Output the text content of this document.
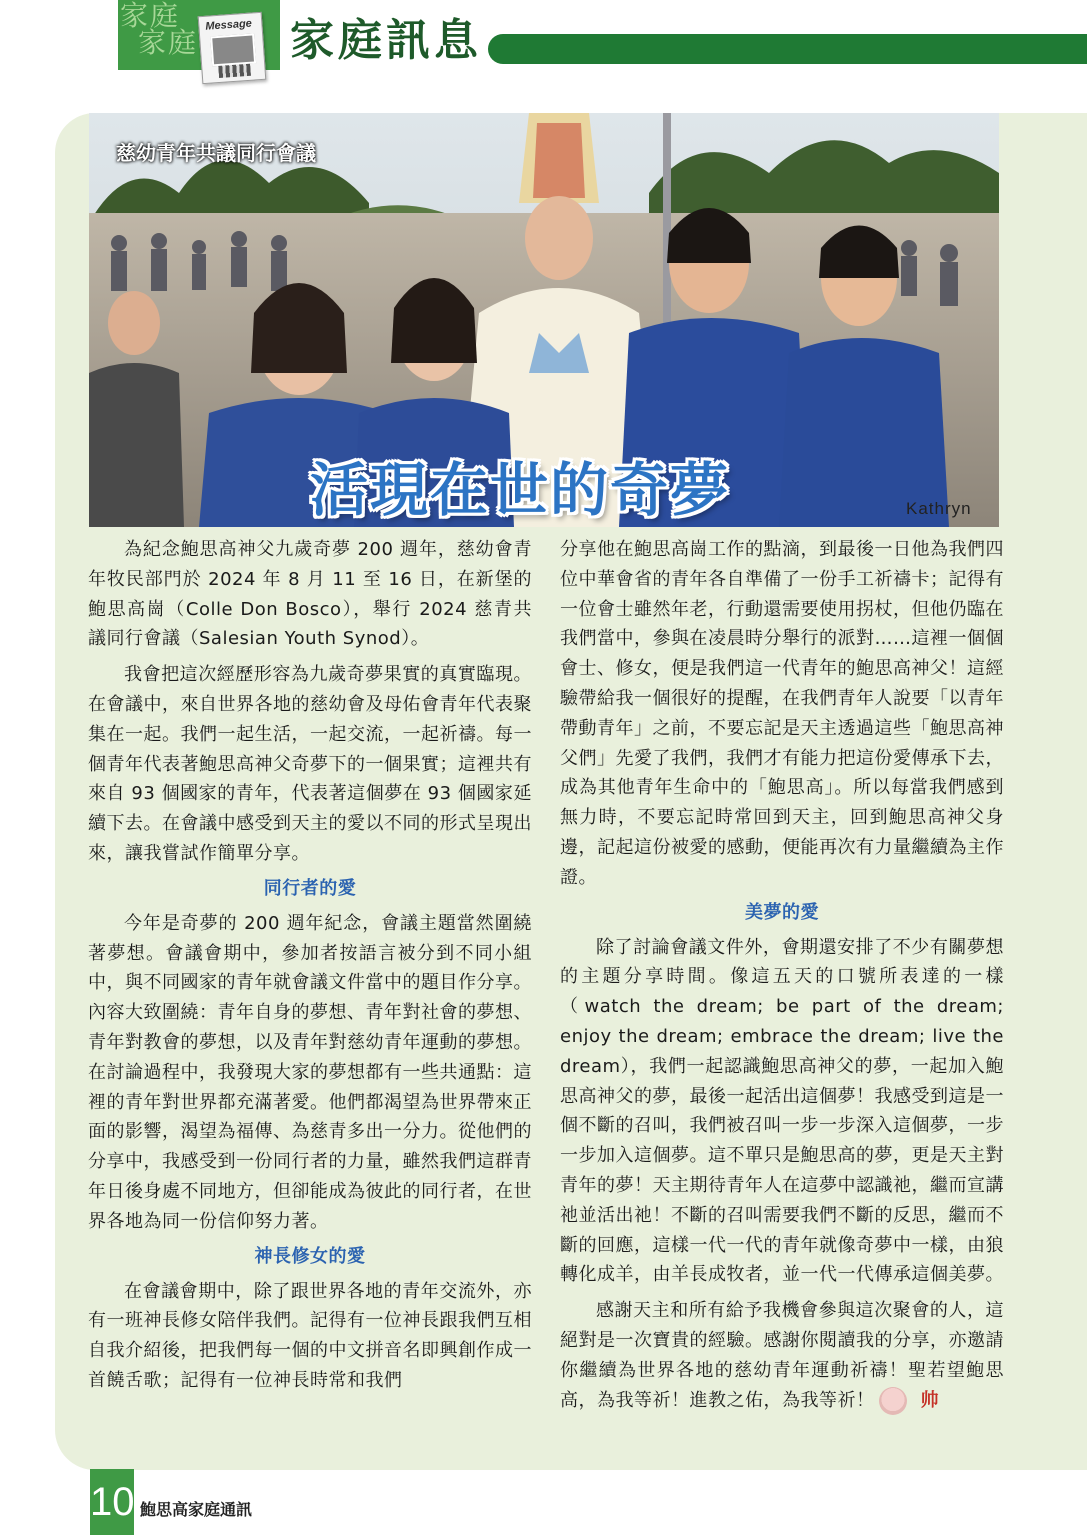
家庭
家庭
Message 家庭訊息
慈幼青年共議同行會議
活現在世的奇夢	Kathryn

為紀念鮑思高神父九歲奇夢 200 週年，慈幼會青年牧民部門於 2024 年 8 月 11 至 16 日，在新堡的鮑思高崗（Colle Don Bosco），舉行 2024 慈青共議同行會議（Salesian Youth Synod）。

我會把這次經歷形容為九歲奇夢果實的真實臨現。在會議中，來自世界各地的慈幼會及母佑會青年代表聚集在一起。我們一起生活，一起交流，一起祈禱。每一個青年代表著鮑思高神父奇夢下的一個果實；這裡共有來自 93 個國家的青年，代表著這個夢在 93 個國家延續下去。在會議中感受到天主的愛以不同的形式呈現出來，讓我嘗試作簡單分享。

同行者的愛

今年是奇夢的 200 週年紀念，會議主題當然圍繞著夢想。會議會期中，參加者按語言被分到不同小組中，與不同國家的青年就會議文件當中的題目作分享。內容大致圍繞：青年自身的夢想、青年對社會的夢想、青年對教會的夢想，以及青年對慈幼青年運動的夢想。在討論過程中，我發現大家的夢想都有一些共通點：這裡的青年對世界都充滿著愛。他們都渴望為世界帶來正面的影響，渴望為福傳、為慈青多出一分力。從他們的分享中，我感受到一份同行者的力量，雖然我們這群青年日後身處不同地方，但卻能成為彼此的同行者，在世界各地為同一份信仰努力著。

神長修女的愛

在會議會期中，除了跟世界各地的青年交流外，亦有一班神長修女陪伴我們。記得有一位神長跟我們互相自我介紹後，把我們每一個的中文拼音名即興創作成一首饒舌歌；記得有一位神長時常和我們

分享他在鮑思高崗工作的點滴，到最後一日他為我們四位中華會省的青年各自準備了一份手工祈禱卡；記得有一位會士雖然年老，行動還需要使用拐杖，但他仍臨在我們當中，參與在凌晨時分舉行的派對……這裡一個個會士、修女，便是我們這一代青年的鮑思高神父！這經驗帶給我一個很好的提醒，在我們青年人說要「以青年帶動青年」之前，不要忘記是天主透過這些「鮑思高神父們」先愛了我們，我們才有能力把這份愛傳承下去，成為其他青年生命中的「鮑思高」。所以每當我們感到無力時，不要忘記時常回到天主，回到鮑思高神父身邊，記起這份被愛的感動，便能再次有力量繼續為主作證。

美夢的愛

除了討論會議文件外，會期還安排了不少有關夢想的主題分享時間。像這五天的口號所表達的一樣（watch the dream; be part of the dream; enjoy the dream; embrace the dream; live the dream），我們一起認識鮑思高神父的夢，一起加入鮑思高神父的夢，最後一起活出這個夢！我感受到這是一個不斷的召叫，我們被召叫一步一步深入這個夢，一步一步加入這個夢。這不單只是鮑思高的夢，更是天主對青年的夢！天主期待青年人在這夢中認識祂，繼而宣講祂並活出祂！不斷的召叫需要我們不斷的反思，繼而不斷的回應，這樣一代一代的青年就像奇夢中一樣，由狼轉化成羊，由羊長成牧者，並一代一代傳承這個美夢。

感謝天主和所有給予我機會參與這次聚會的人，這絕對是一次寶貴的經驗。感謝你閱讀我的分享，亦邀請你繼續為世界各地的慈幼青年運動祈禱！聖若望鮑思高，為我等祈！進教之佑，為我等祈！	帅

10 鮑思高家庭通訊
